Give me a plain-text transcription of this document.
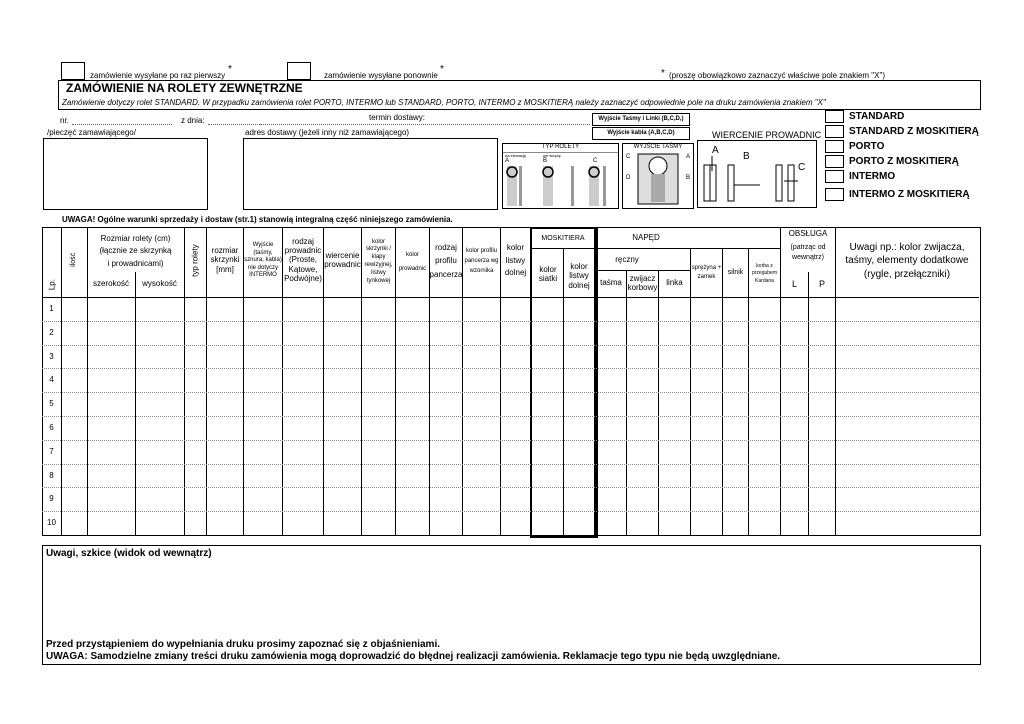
zamówienie wysyłane po raz pierwszy
*
zamówienie wysyłane ponownie
*	* (proszę obowiązkowo zaznaczyć właściwe pole znakiem "X")
ZAMÓWIENIE NA ROLETY ZEWNĘTRZNE
Zamówienie dotyczy rolet STANDARD. W przypadku zamówienia rolet PORTO, INTERMO lub STANDARD, PORTO, INTERMO z MOSKITIERĄ należy zaznaczyć odpowiednie pole na druku zamówienia znakiem "X"
nr.	z dnia:	termin dostawy:
/pieczęć zamawiającego/	adres dostawy (jeżeli inny niż zamawiającego)
Wyjście Taśmy i Linki (B,C,D,)
Wyjście kabla (A,B,C,D)
TYP ROLETY
na elewację	we wnękę
A	B	C
WYJŚCIE TAŚMY
C	A
D	B
WIERCENIE PROWADNIC
A
B
C
STANDARD
STANDARD Z MOSKITIERĄ
PORTO
PORTO Z MOSKITIERĄ
INTERMO
INTERMO Z MOSKITIERĄ
UWAGA! Ogólne warunki sprzedaży i dostaw (str.1) stanowią integralną część niniejszego zamówienia.
Lp.
ilość
Rozmiar rolety (cm)
(łącznie ze skrzynką
i prowadnicami)
szerokość	wysokość
typ rolety	rozmiar skrzynki [mm]
Wyjście (taśmy, sznura, kabla) nie dotyczy INTERMO
rodzaj prowadnic (Proste, Kątowe, Podwójne)
wiercenie prowadnic
kolor skrzynki / klapy rewizyjnej, listwy tynkowej
kolor prowadnic
rodzaj profilu pancerza
kolor profilu pancerza wg wzornika
kolor listwy dolnej
MOSKITIERA
kolor siatki
kolor listwy dolnej
NAPĘD
ręczny
taśma
zwijacz korbowy
linka
sprężyna + zamek
silnik
korba z przegubem Kardana
OBSŁUGA
(patrząc od wewnątrz)
L	P
Uwagi np.: kolor zwijacza, taśmy, elementy dodatkowe (rygle, przełączniki)
1
2
3
4
5
6
7
8
9
10
Uwagi, szkice (widok od wewnątrz)
Przed przystąpieniem do wypełniania druku prosimy zapoznać się z objaśnieniami.
UWAGA: Samodzielne zmiany treści druku zamówienia mogą doprowadzić do błędnej realizacji zamówienia. Reklamacje tego typu nie będą uwzględniane.
